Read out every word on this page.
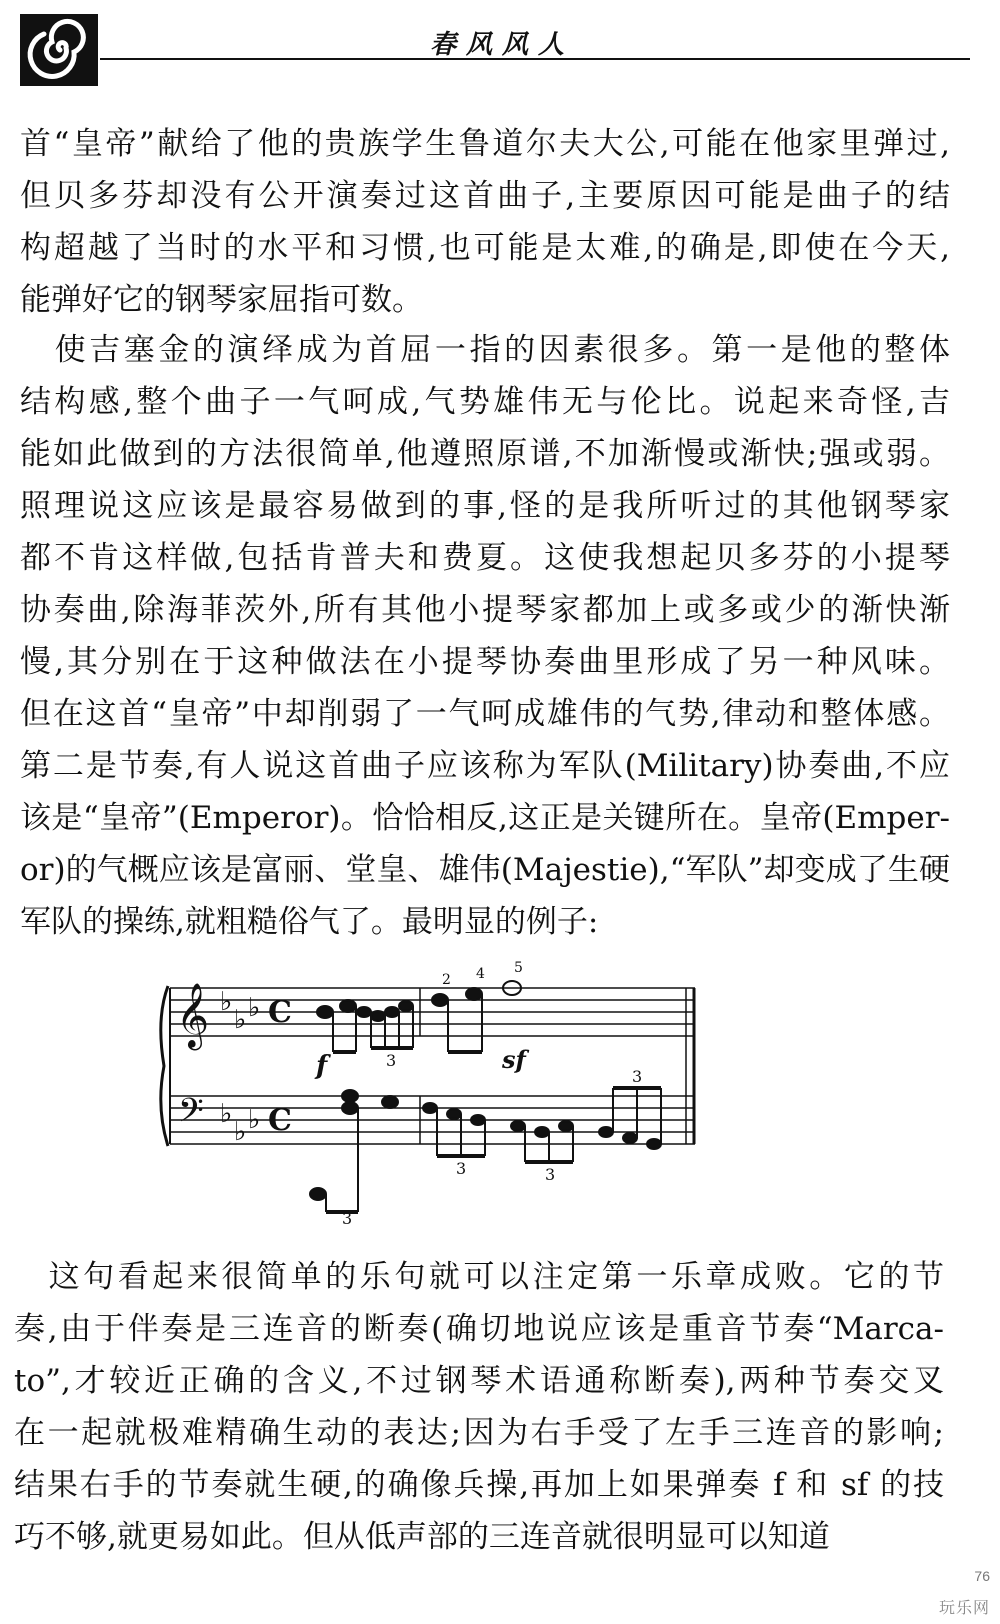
春风风人

首“皇帝”献给了他的贵族学生鲁道尔夫大公,可能在他家里弹过,
但贝多芬却没有公开演奏过这首曲子,主要原因可能是曲子的结
构超越了当时的水平和习惯,也可能是太难,的确是,即使在今天,
能弹好它的钢琴家屈指可数。

　使吉塞金的演绎成为首屈一指的因素很多。第一是他的整体
结构感,整个曲子一气呵成,气势雄伟无与伦比。说起来奇怪,吉
能如此做到的方法很简单,他遵照原谱,不加渐慢或渐快;强或弱。
照理说这应该是最容易做到的事,怪的是我所听过的其他钢琴家
都不肯这样做,包括肯普夫和费夏。这使我想起贝多芬的小提琴
协奏曲,除海菲茨外,所有其他小提琴家都加上或多或少的渐快渐
慢,其分别在于这种做法在小提琴协奏曲里形成了另一种风味。
但在这首“皇帝”中却削弱了一气呵成雄伟的气势,律动和整体感。
第二是节奏,有人说这首曲子应该称为军队(Military)协奏曲,不应
该是“皇帝”(Emperor)。恰恰相反,这正是关键所在。皇帝(Emper-
or)的气概应该是富丽、堂皇、雄伟(Majestie),“军队”却变成了生硬
军队的操练,就粗糙俗气了。最明显的例子:

𝄞
𝄢
♭
♭ ♭
♭
♭ ♭
C
C
f	sf
3
3
3	3
3
4 5
2

　这句看起来很简单的乐句就可以注定第一乐章成败。它的节
奏,由于伴奏是三连音的断奏(确切地说应该是重音节奏“Marca-
to”,才较近正确的含义,不过钢琴术语通称断奏),两种节奏交叉
在一起就极难精确生动的表达;因为右手受了左手三连音的影响;
结果右手的节奏就生硬,的确像兵操,再加上如果弹奏 f 和 sf 的技
巧不够,就更易如此。但从低声部的三连音就很明显可以知道

76
玩乐网
